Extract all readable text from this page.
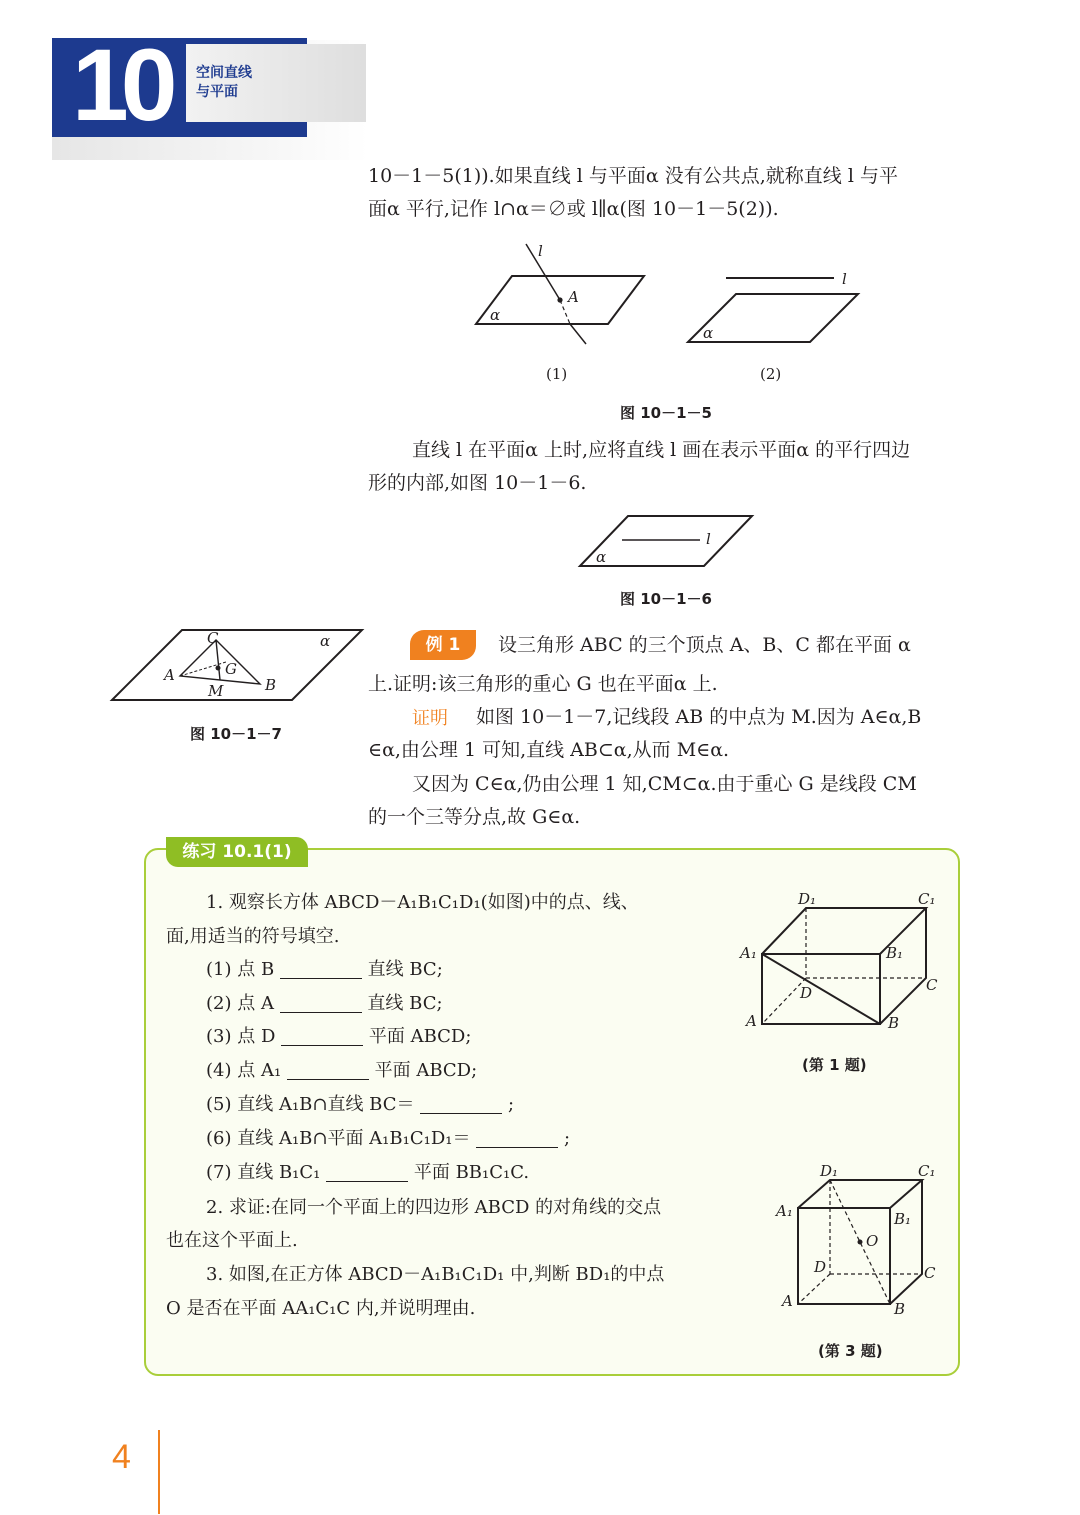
10 空间直线
与平面
10－1－5(1)).如果直线 l 与平面α 没有公共点,就称直线 l 与平
面α 平行,记作 l∩α＝∅或 l∥α(图 10－1－5(2)).
l
A
α
l
α
(1)	(2)
图 10－1－5
直线 l 在平面α 上时,应将直线 l 画在表示平面α 的平行四边
形的内部,如图 10－1－6.
l
α
图 10－1－6
C
A
B
G
M
α
图 10－1－7
例 1	设三角形 ABC 的三个顶点 A、B、C 都在平面 α
上.证明:该三角形的重心 G 也在平面α 上.
证明 如图 10－1－7,记线段 AB 的中点为 M.因为 A∈α,B
∈α,由公理 1 可知,直线 AB⊂α,从而 M∈α.
又因为 C∈α,仍由公理 1 知,CM⊂α.由于重心 G 是线段 CM
的一个三等分点,故 G∈α.
练习 10.1(1)
1. 观察长方体 ABCD－A₁B₁C₁D₁(如图)中的点、线、
面,用适当的符号填空.
(1) 点 B	直线 BC;
(2) 点 A	直线 BC;
(3) 点 D	平面 ABCD;
(4) 点 A₁	平面 ABCD;
(5) 直线 A₁B∩直线 BC＝	;
(6) 直线 A₁B∩平面 A₁B₁C₁D₁＝	;
(7) 直线 B₁C₁	平面 BB₁C₁C.
2. 求证:在同一个平面上的四边形 ABCD 的对角线的交点
也在这个平面上.
3. 如图,在正方体 ABCD－A₁B₁C₁D₁ 中,判断 BD₁的中点
O 是否在平面 AA₁C₁C 内,并说明理由.
D₁	C₁
A₁	B₁
C
D
A	B
(第 1 题)
D₁	C₁
A₁	B₁
O
D	C
A	B
(第 3 题)
4
